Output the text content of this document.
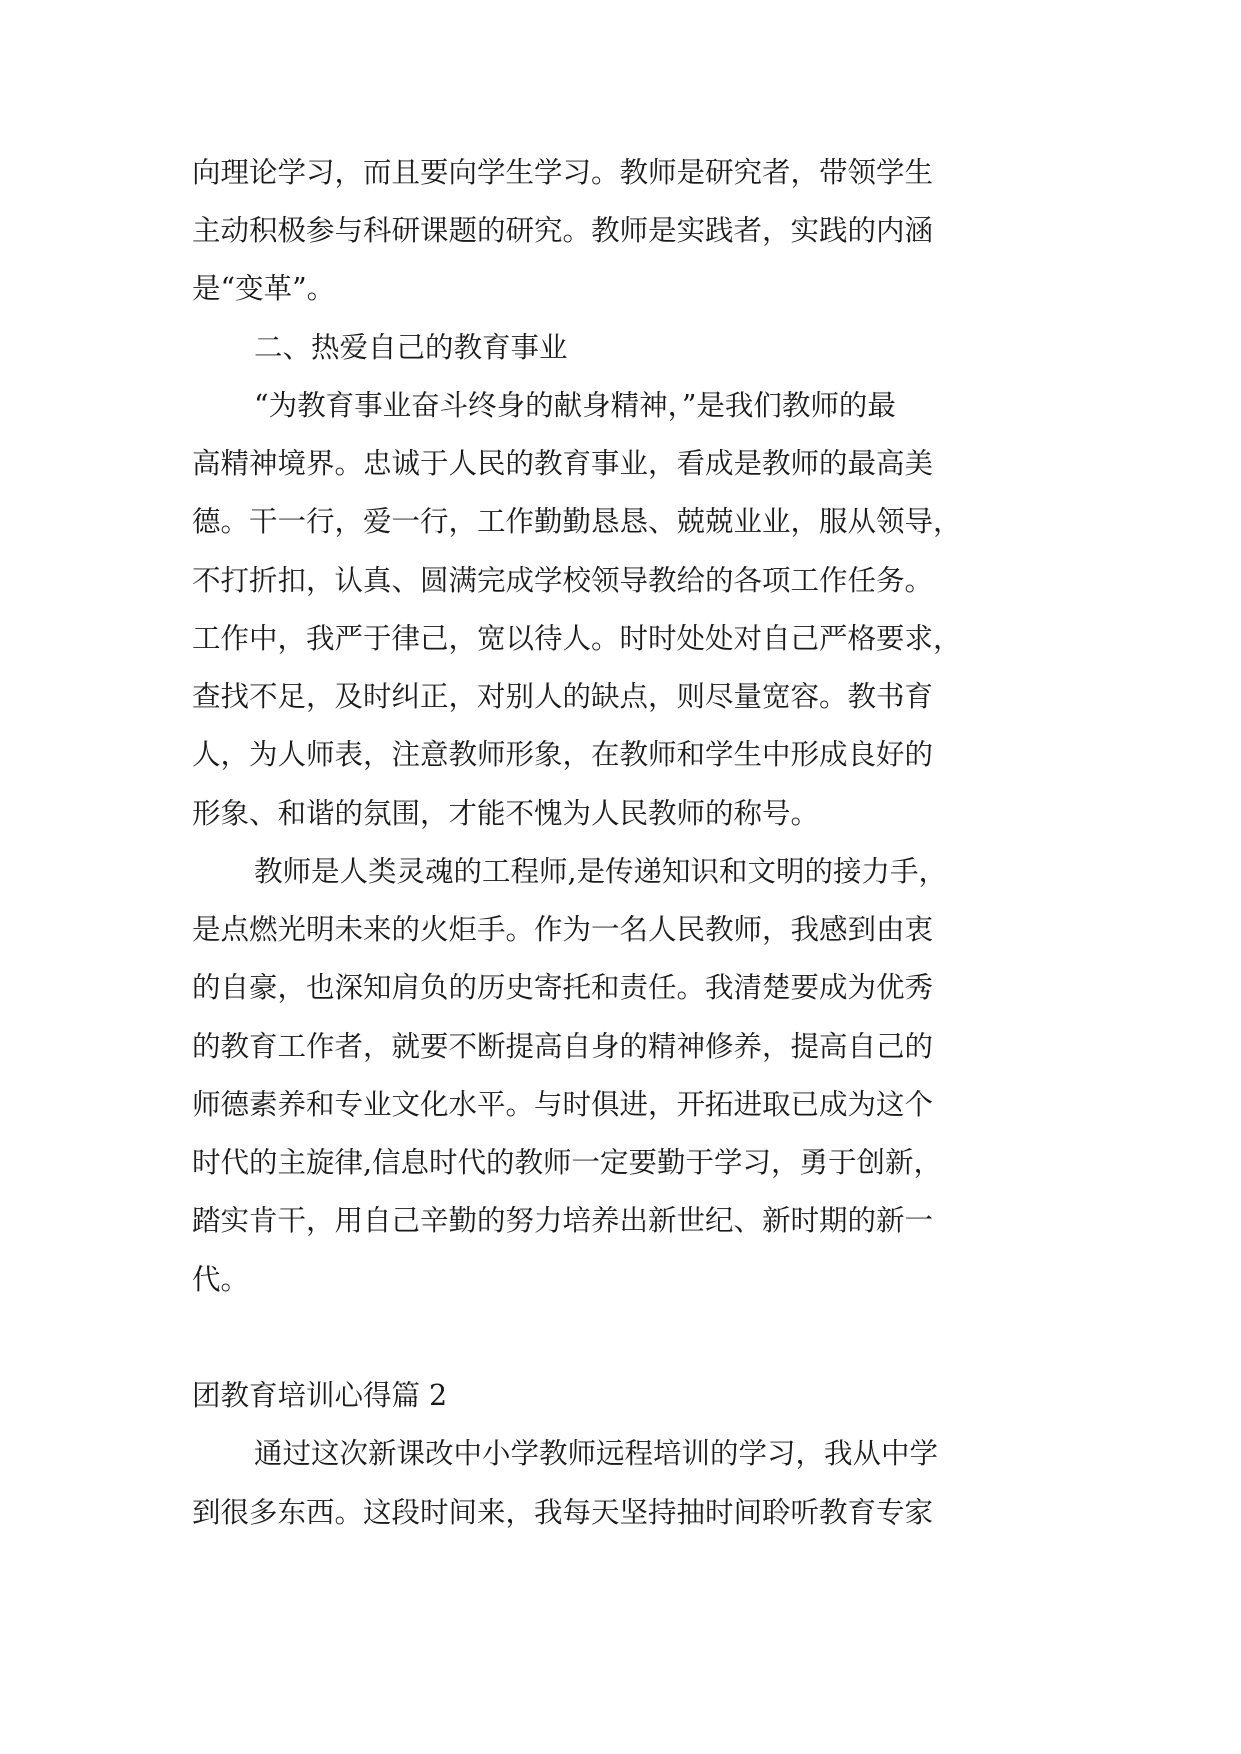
向理论学习，而且要向学生学习。教师是研究者，带领学生
主动积极参与科研课题的研究。教师是实践者，实践的内涵
是“变革”。
二、热爱自己的教育事业
“为教育事业奋斗终身的献身精神，”是我们教师的最
高精神境界。忠诚于人民的教育事业，看成是教师的最高美
德。干一行，爱一行，工作勤勤恳恳、兢兢业业，服从领导，
不打折扣，认真、圆满完成学校领导教给的各项工作任务。
工作中，我严于律己，宽以待人。时时处处对自己严格要求，
查找不足，及时纠正，对别人的缺点，则尽量宽容。教书育
人，为人师表，注意教师形象，在教师和学生中形成良好的
形象、和谐的氛围，才能不愧为人民教师的称号。
教师是人类灵魂的工程师,是传递知识和文明的接力手，
是点燃光明未来的火炬手。作为一名人民教师，我感到由衷
的自豪，也深知肩负的历史寄托和责任。我清楚要成为优秀
的教育工作者，就要不断提高自身的精神修养，提高自己的
师德素养和专业文化水平。与时俱进，开拓进取已成为这个
时代的主旋律,信息时代的教师一定要勤于学习，勇于创新，
踏实肯干，用自己辛勤的努力培养出新世纪、新时期的新一
代。
团教育培训心得篇 2
通过这次新课改中小学教师远程培训的学习，我从中学
到很多东西。这段时间来，我每天坚持抽时间聆听教育专家
